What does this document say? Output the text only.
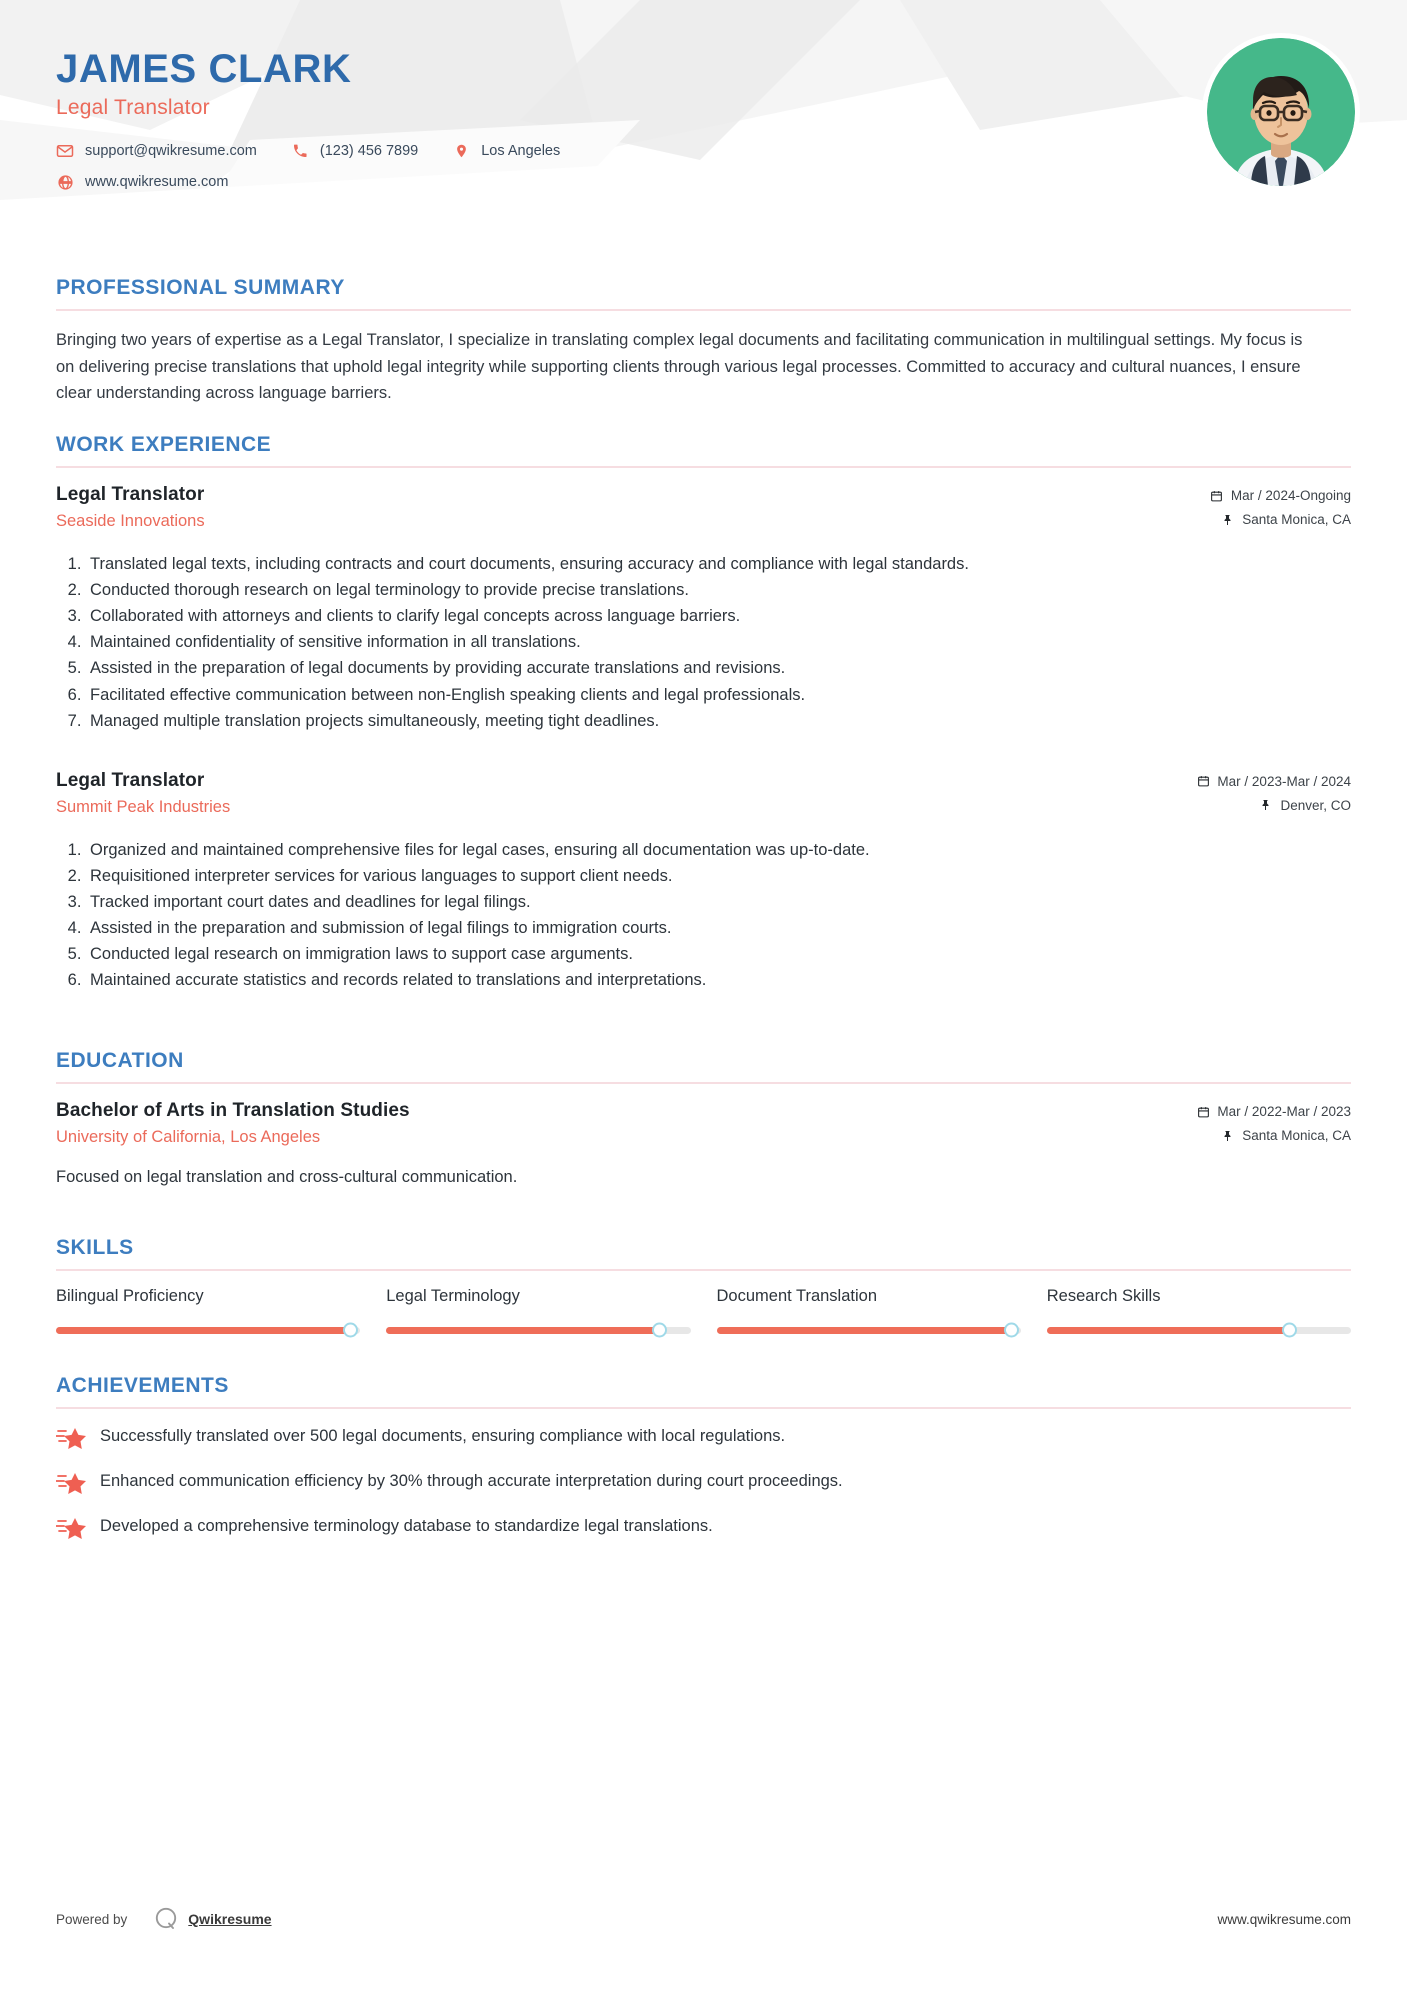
JAMES CLARK
Legal Translator
support@qwikresume.com	(123) 456 7899	Los Angeles
www.qwikresume.com
PROFESSIONAL SUMMARY

Bringing two years of expertise as a Legal Translator, I specialize in translating complex legal documents and facilitating communication in multilingual settings. My focus is on delivering precise translations that uphold legal integrity while supporting clients through various legal processes. Committed to accuracy and cultural nuances, I ensure clear understanding across language barriers.

WORK EXPERIENCE
Legal Translator
Seaside Innovations
Mar / 2024-Ongoing
Santa Monica, CA
1. Translated legal texts, including contracts and court documents, ensuring accuracy and compliance with legal standards.
2. Conducted thorough research on legal terminology to provide precise translations.
3. Collaborated with attorneys and clients to clarify legal concepts across language barriers.
4. Maintained confidentiality of sensitive information in all translations.
5. Assisted in the preparation of legal documents by providing accurate translations and revisions.
6. Facilitated effective communication between non-English speaking clients and legal professionals.
7. Managed multiple translation projects simultaneously, meeting tight deadlines.
Legal Translator
Summit Peak Industries
Mar / 2023-Mar / 2024
Denver, CO
1. Organized and maintained comprehensive files for legal cases, ensuring all documentation was up-to-date.
2. Requisitioned interpreter services for various languages to support client needs.
3. Tracked important court dates and deadlines for legal filings.
4. Assisted in the preparation and submission of legal filings to immigration courts.
5. Conducted legal research on immigration laws to support case arguments.
6. Maintained accurate statistics and records related to translations and interpretations.
EDUCATION
Bachelor of Arts in Translation Studies
University of California, Los Angeles
Mar / 2022-Mar / 2023
Santa Monica, CA

Focused on legal translation and cross-cultural communication.

SKILLS
Bilingual Proficiency	Legal Terminology	Document Translation	Research Skills
ACHIEVEMENTS
Successfully translated over 500 legal documents, ensuring compliance with local regulations.
Enhanced communication efficiency by 30% through accurate interpretation during court proceedings.
Developed a comprehensive terminology database to standardize legal translations.
Powered by	Qwikresume	www.qwikresume.com
